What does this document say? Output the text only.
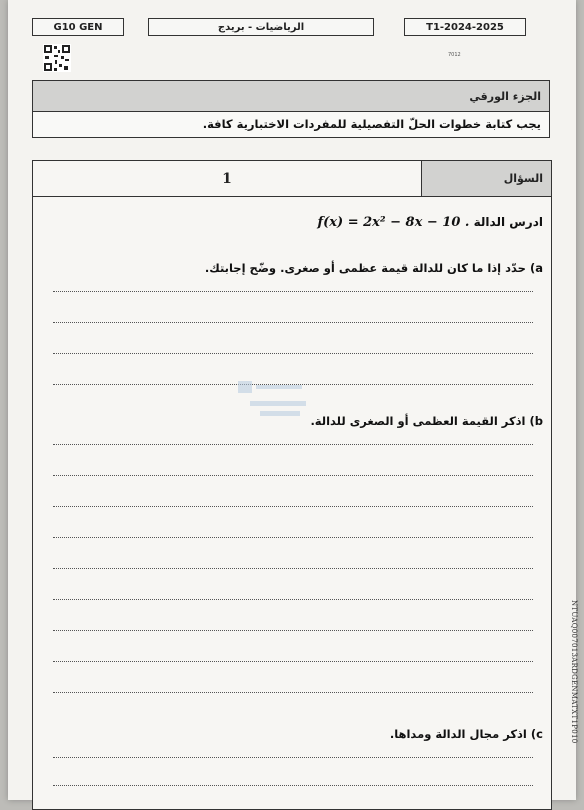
G10 GEN	الرياضيات - بريدج	T1-2024-2025
7012
الجزء الورقي
يجب كتابة خطوات الحلّ التفصيلية للمفردات الاختبارية كافة.
1	السؤال
ادرس الدالة f(x) = 2x² − 8x − 10 .
a) حدّد إذا ما كان للدالة قيمة عظمى أو صغرى. وضّح إجابتك.
b) اذكر القيمة العظمى أو الصغرى للدالة.
c) اذكر مجال الدالة ومداها.	NTUAQ007013ARDGENMATXT1P010
